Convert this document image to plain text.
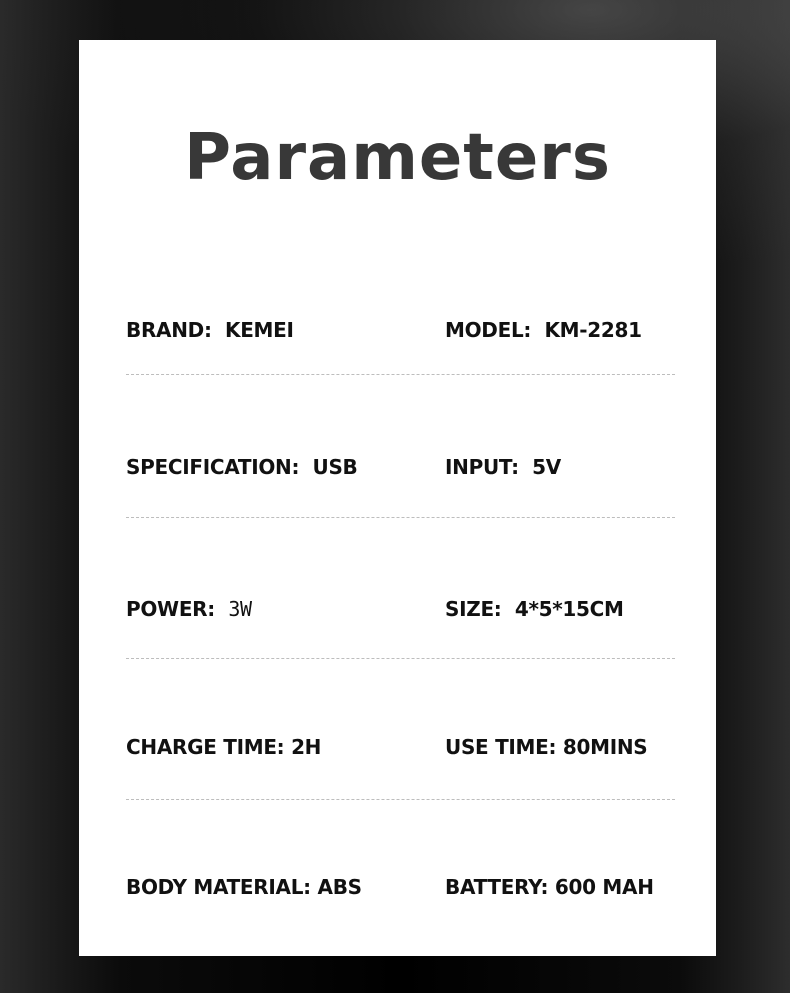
Parameters
BRAND: KEMEI	MODEL: KM-2281
SPECIFICATION: USB	INPUT: 5V
POWER: 3W	SIZE: 4*5*15CM
CHARGE TIME: 2H	USE TIME: 80MINS
BODY MATERIAL: ABS	BATTERY: 600 MAH
